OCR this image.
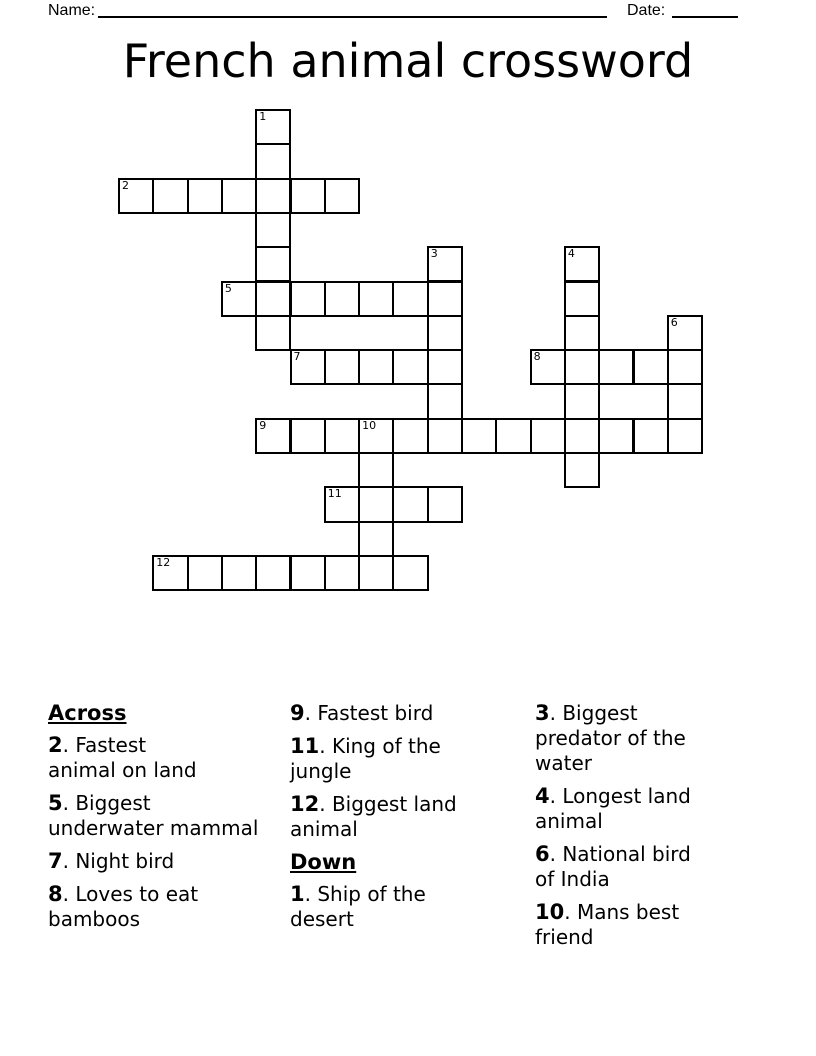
Name:	Date:
French animal crossword
1
2
3	4
5
6
7	8
9	10
11
12
Across
2. Fastest
animal on land
5. Biggest
underwater mammal
7. Night bird
8. Loves to eat
bamboos
9. Fastest bird
11. King of the
jungle
12. Biggest land
animal
Down
1. Ship of the
desert
3. Biggest
predator of the
water
4. Longest land
animal
6. National bird
of India
10. Mans best
friend
